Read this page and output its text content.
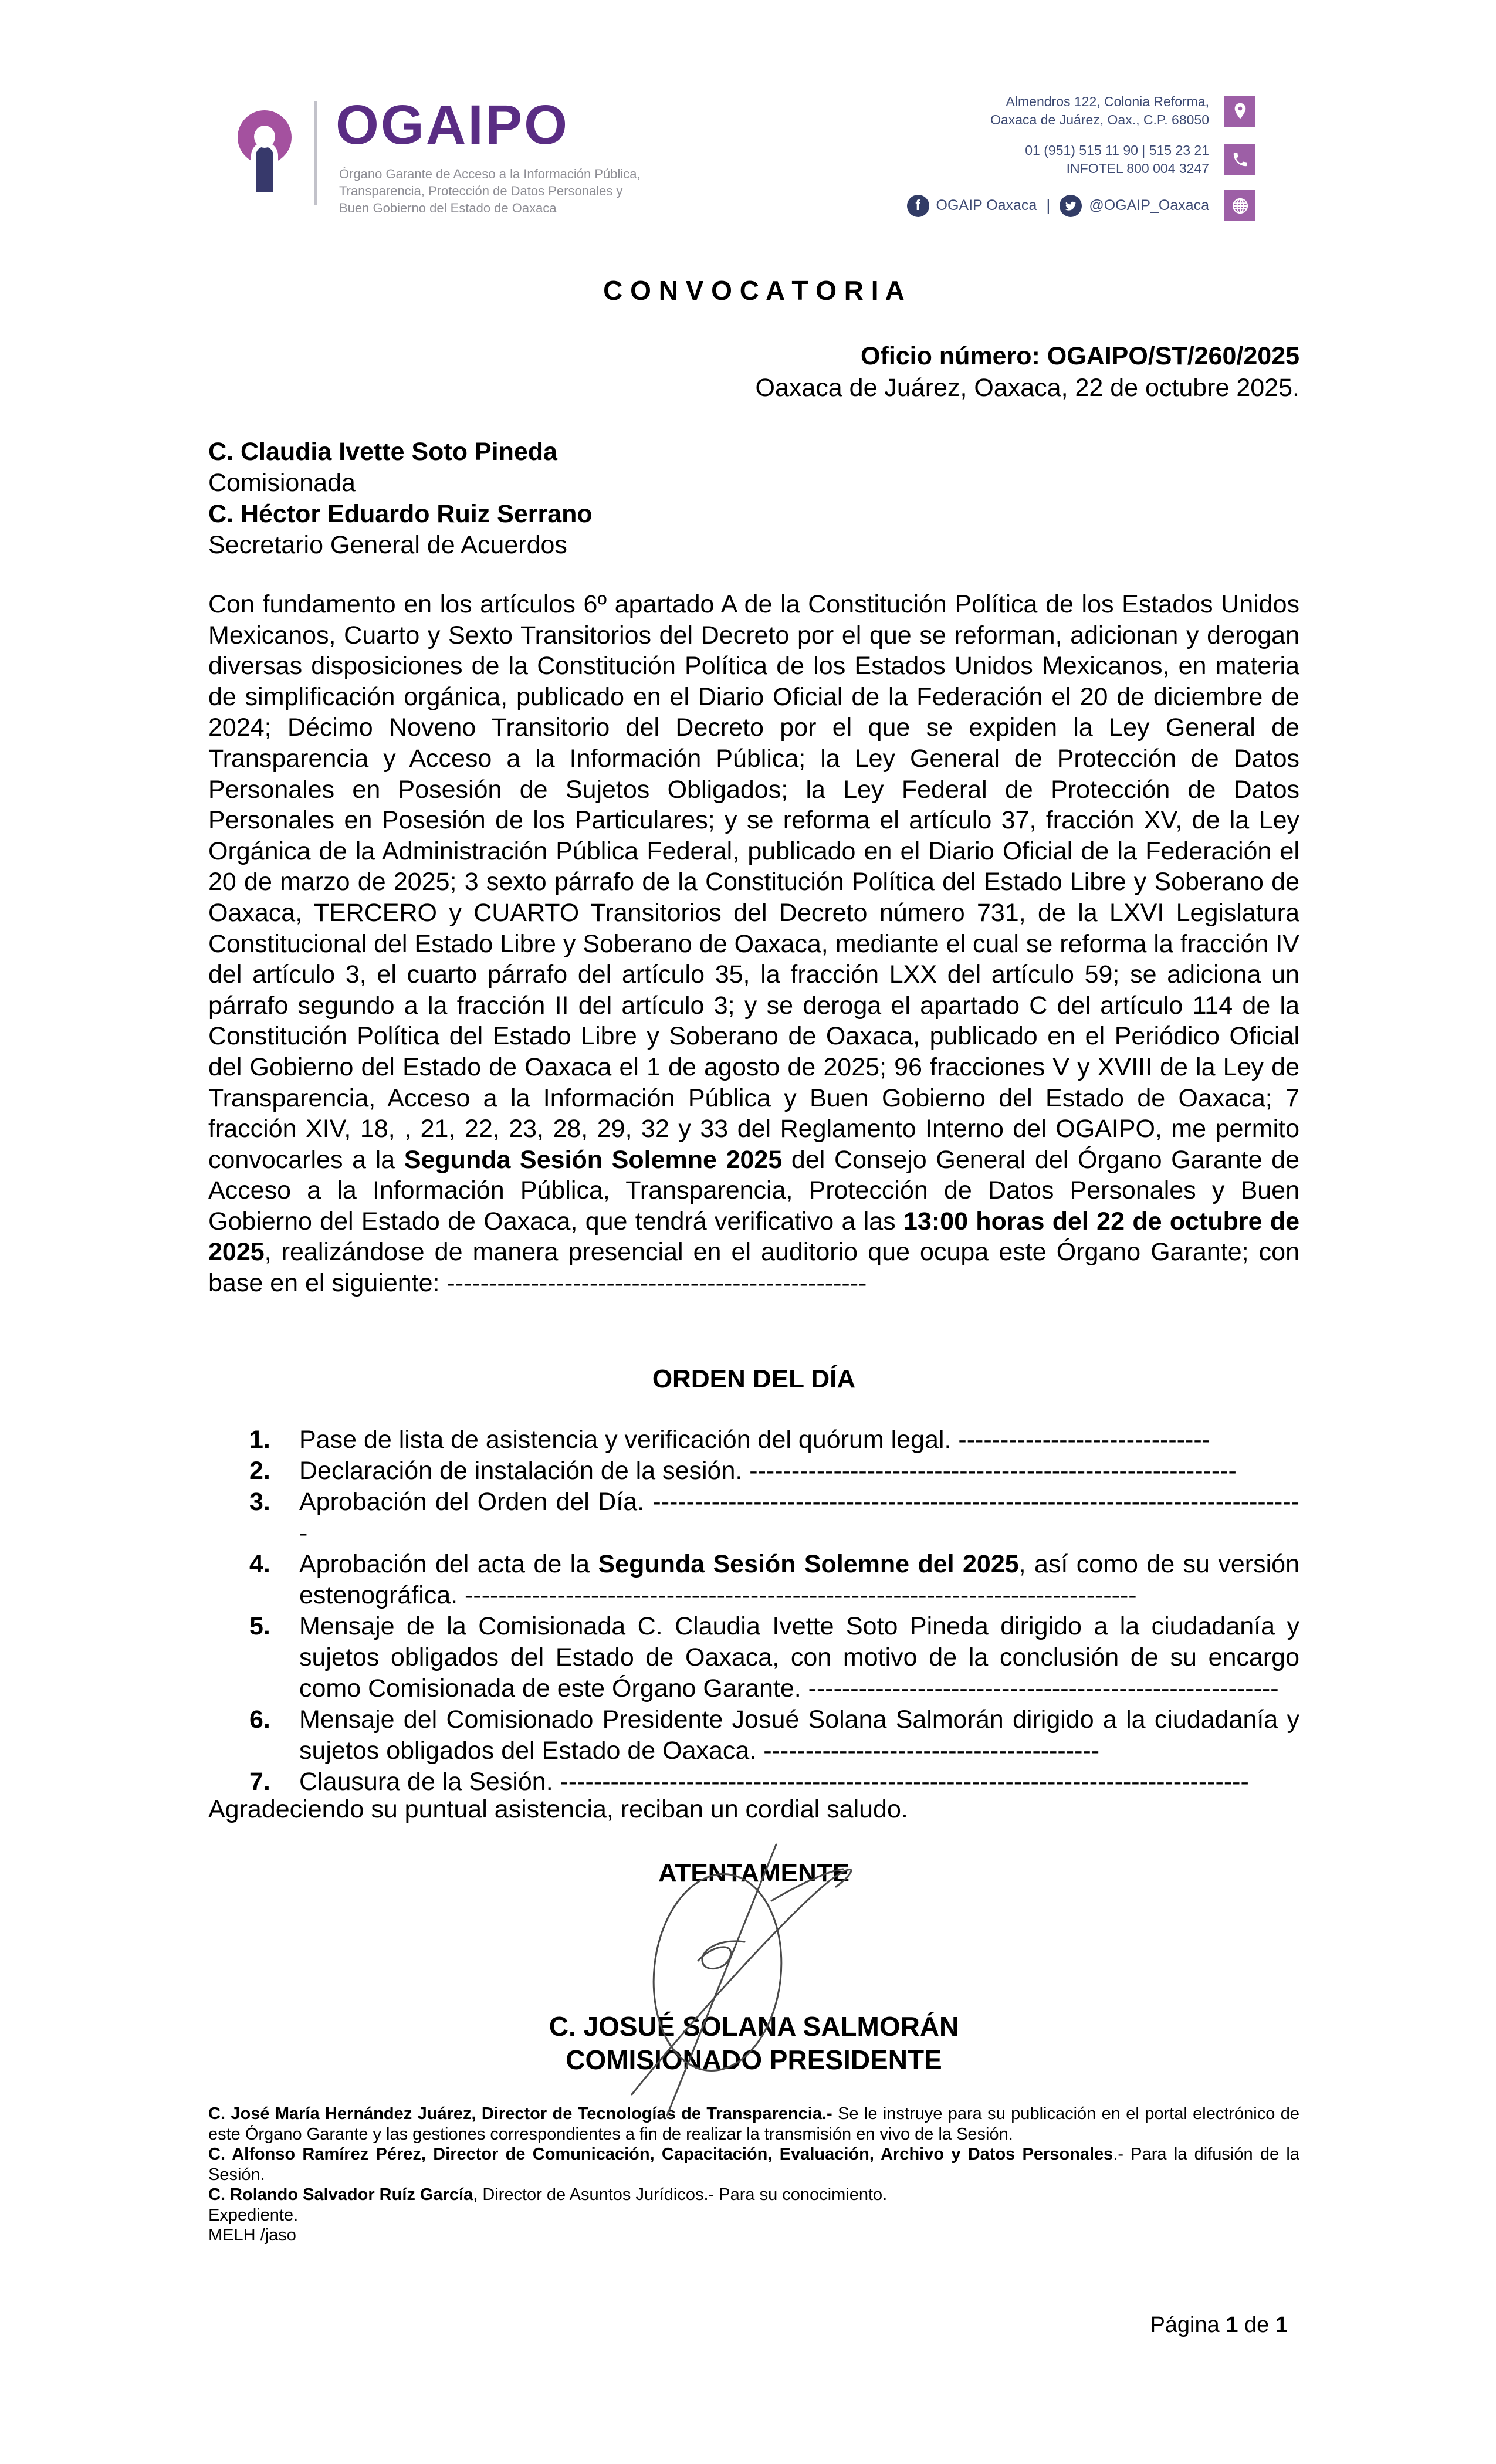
OGAIPO
Órgano Garante de Acceso a la Información Pública,
Transparencia, Protección de Datos Personales y
Buen Gobierno del Estado de Oaxaca
Almendros 122, Colonia Reforma,
Oaxaca de Juárez, Oax., C.P. 68050
01 (951) 515 11 90 | 515 23 21
INFOTEL 800 004 3247
f	OGAIP Oaxaca |	@OGAIP_Oaxaca
C O N V O C A T O R I A
Oficio número: OGAIPO/ST/260/2025
Oaxaca de Juárez, Oaxaca, 22 de octubre 2025.
C. Claudia Ivette Soto Pineda
Comisionada
C. Héctor Eduardo Ruiz Serrano
Secretario General de Acuerdos
Con fundamento en los artículos 6º apartado A de la Constitución Política de los Estados Unidos Mexicanos, Cuarto y Sexto Transitorios del Decreto por el que se reforman, adicionan y derogan diversas disposiciones de la Constitución Política de los Estados Unidos Mexicanos, en materia de simplificación orgánica, publicado en el Diario Oficial de la Federación el 20 de diciembre de 2024; Décimo Noveno Transitorio del Decreto por el que se expiden la Ley General de Transparencia y Acceso a la Información Pública; la Ley General de Protección de Datos Personales en Posesión de Sujetos Obligados; la Ley Federal de Protección de Datos Personales en Posesión de los Particulares; y se reforma el artículo 37, fracción XV, de la Ley Orgánica de la Administración Pública Federal, publicado en el Diario Oficial de la Federación el 20 de marzo de 2025; 3 sexto párrafo de la Constitución Política del Estado Libre y Soberano de Oaxaca, TERCERO y CUARTO Transitorios del Decreto número 731, de la LXVI Legislatura Constitucional del Estado Libre y Soberano de Oaxaca, mediante el cual se reforma la fracción IV del artículo 3, el cuarto párrafo del artículo 35, la fracción LXX del artículo 59; se adiciona un párrafo segundo a la fracción II del artículo 3; y se deroga el apartado C del artículo 114 de la Constitución Política del Estado Libre y Soberano de Oaxaca, publicado en el Periódico Oficial del Gobierno del Estado de Oaxaca el 1 de agosto de 2025; 96 fracciones V y XVIII de la Ley de Transparencia, Acceso a la Información Pública y Buen Gobierno del Estado de Oaxaca; 7 fracción XIV, 18, , 21, 22, 23, 28, 29, 32 y 33 del Reglamento Interno del OGAIPO, me permito convocarles a la Segunda Sesión Solemne 2025 del Consejo General del Órgano Garante de Acceso a la Información Pública, Transparencia, Protección de Datos Personales y Buen Gobierno del Estado de Oaxaca, que tendrá verificativo a las 13:00 horas del 22 de octubre de 2025, realizándose de manera presencial en el auditorio que ocupa este Órgano Garante; con base en el siguiente: --------------------------------------------------
ORDEN DEL DÍA
1.	Pase de lista de asistencia y verificación del quórum legal. ------------------------------
2.	Declaración de instalación de la sesión. ----------------------------------------------------------
3.	Aprobación del Orden del Día. ------------------------------------------------------------------------------
4.	Aprobación del acta de la Segunda Sesión Solemne del 2025, así como de su versión estenográfica. --------------------------------------------------------------------------------
5.	Mensaje de la Comisionada C. Claudia Ivette Soto Pineda dirigido a la ciudadanía y sujetos obligados del Estado de Oaxaca, con motivo de la conclusión de su encargo como Comisionada de este Órgano Garante. --------------------------------------------------------
6.	Mensaje del Comisionado Presidente Josué Solana Salmorán dirigido a la ciudadanía y sujetos obligados del Estado de Oaxaca. ----------------------------------------
7.	Clausura de la Sesión. ----------------------------------------------------------------------------------
Agradeciendo su puntual asistencia, reciban un cordial saludo.
ATENTAMENTE
C. JOSUÉ SOLANA SALMORÁN
COMISIONADO PRESIDENTE

C. José María Hernández Juárez, Director de Tecnologías de Transparencia.- Se le instruye para su publicación en el portal electrónico de este Órgano Garante y las gestiones correspondientes a fin de realizar la transmisión en vivo de la Sesión.

C. Alfonso Ramírez Pérez, Director de Comunicación, Capacitación, Evaluación, Archivo y Datos Personales.- Para la difusión de la Sesión.

C. Rolando Salvador Ruíz García, Director de Asuntos Jurídicos.- Para su conocimiento.

Expediente.

MELH /jaso

Página 1 de 1
